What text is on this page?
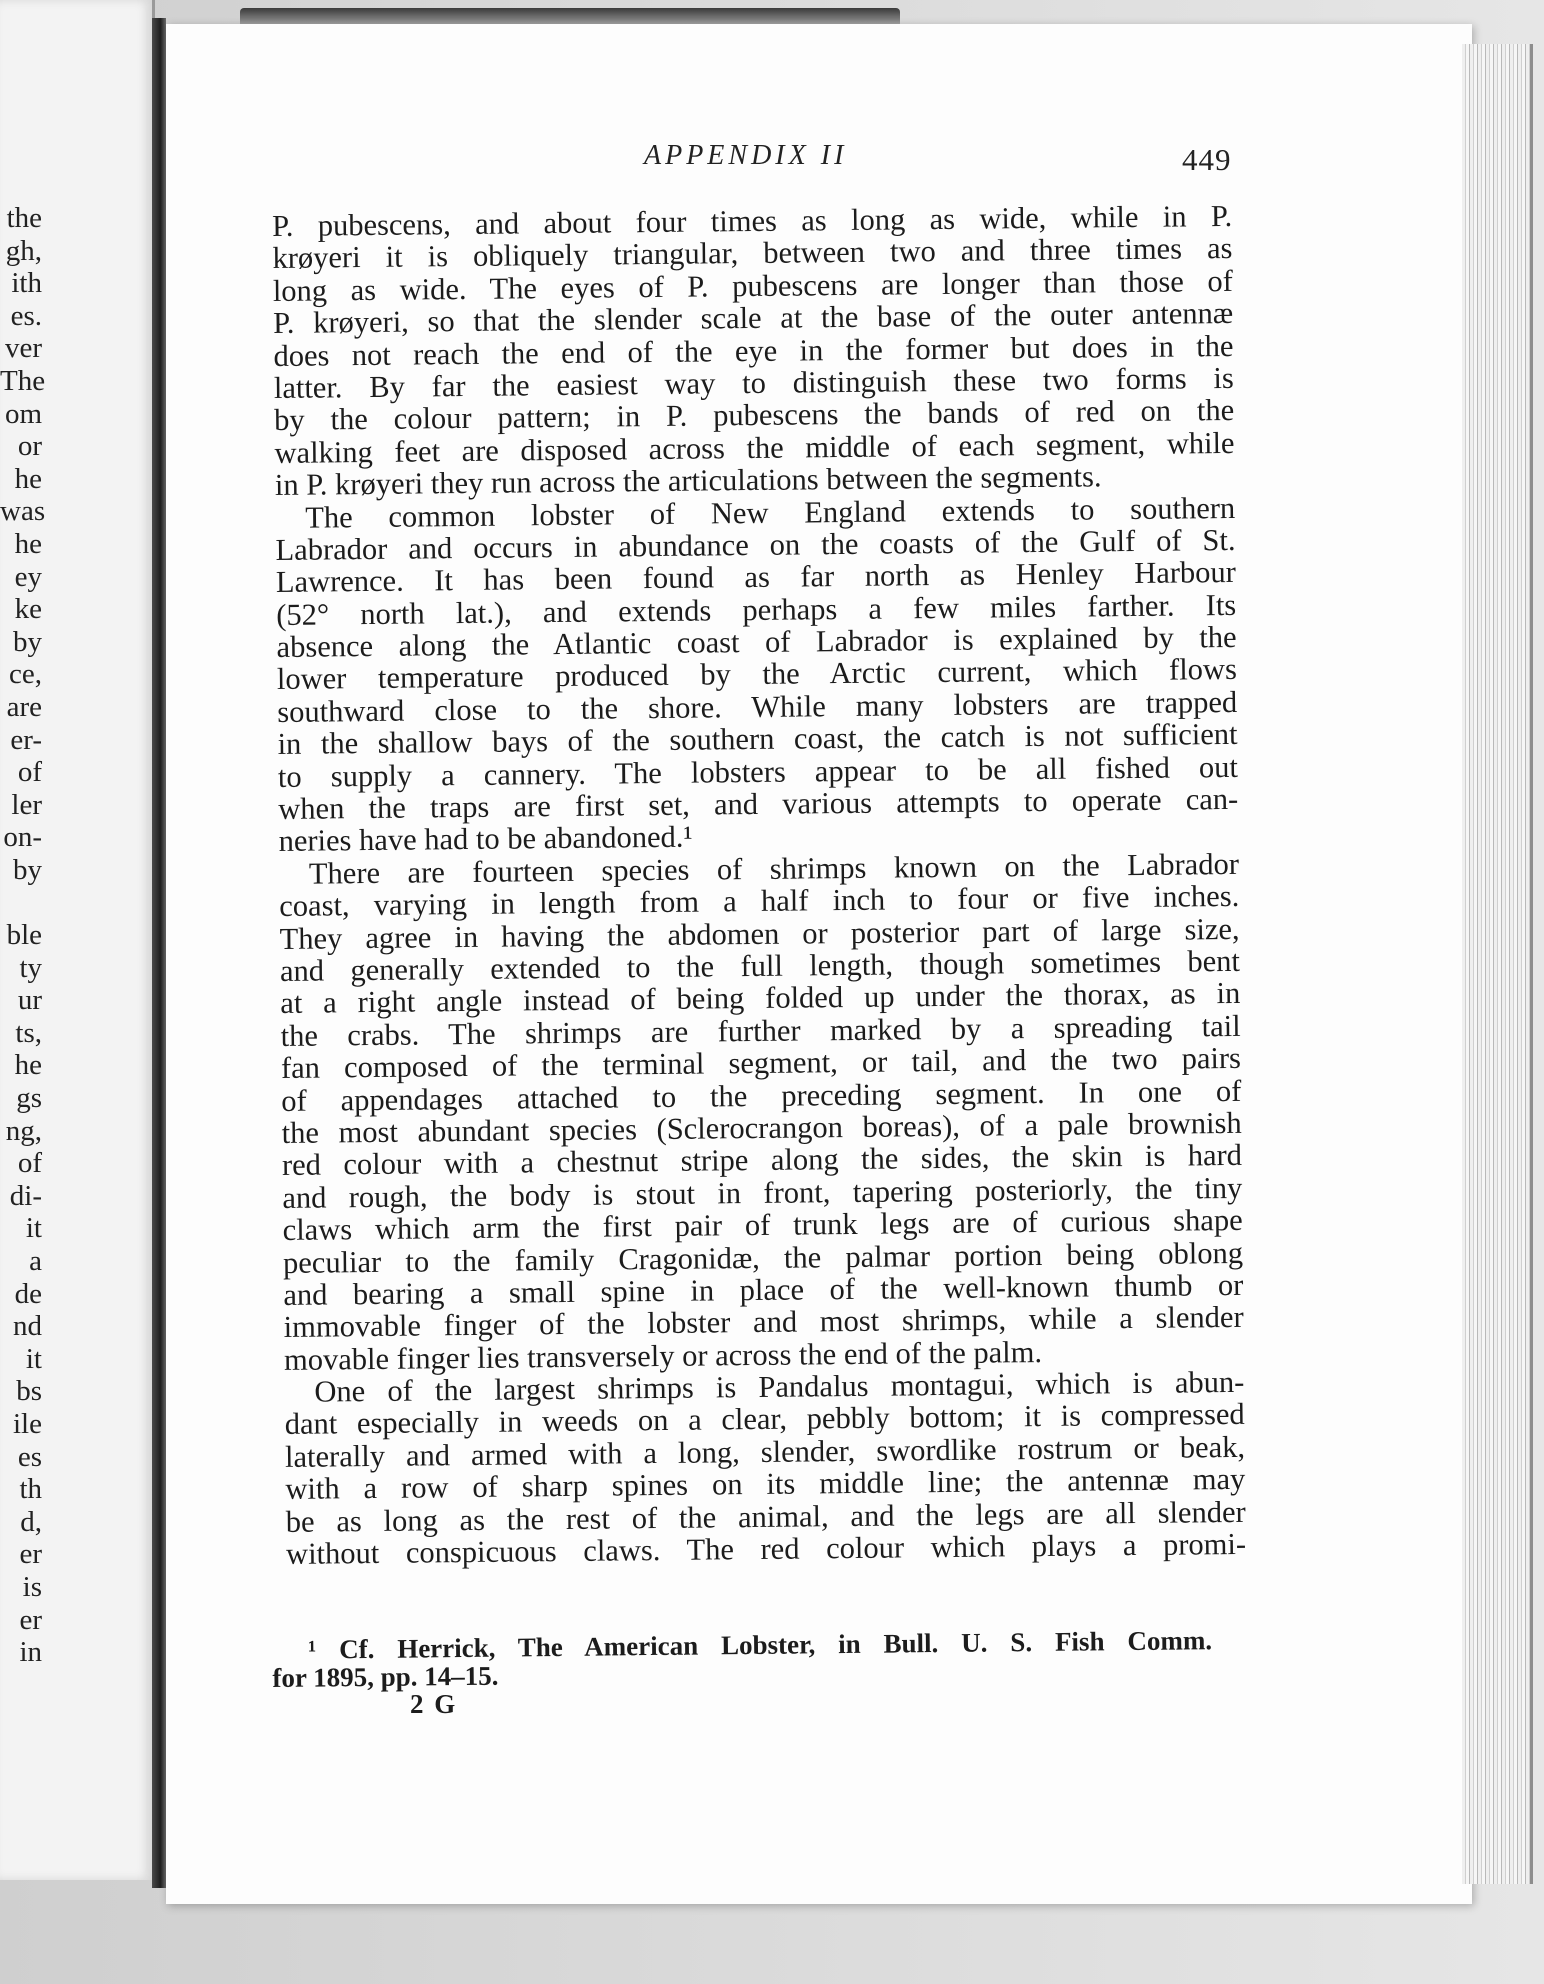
the
gh,
ith
es.
ver
The
om
or
he
was
he
ey
ke
by
ce,
are
er-
of
ler
on-
by
ble
ty
ur
ts,
he
gs
ng,
of
di-
it
a
de
nd
it
bs
ile
es
th
d,
er
is
er
in
APPENDIX II	449
P. pubescens, and about four times as long as wide, while in P.
krøyeri it is obliquely triangular, between two and three times as
long as wide. The eyes of P. pubescens are longer than those of
P. krøyeri, so that the slender scale at the base of the outer antennæ
does not reach the end of the eye in the former but does in the
latter. By far the easiest way to distinguish these two forms is
by the colour pattern; in P. pubescens the bands of red on the
walking feet are disposed across the middle of each segment, while
in P. krøyeri they run across the articulations between the segments.
The common lobster of New England extends to southern
Labrador and occurs in abundance on the coasts of the Gulf of St.
Lawrence. It has been found as far north as Henley Harbour
(52° north lat.), and extends perhaps a few miles farther. Its
absence along the Atlantic coast of Labrador is explained by the
lower temperature produced by the Arctic current, which flows
southward close to the shore. While many lobsters are trapped
in the shallow bays of the southern coast, the catch is not sufficient
to supply a cannery. The lobsters appear to be all fished out
when the traps are first set, and various attempts to operate can-
neries have had to be abandoned.¹
There are fourteen species of shrimps known on the Labrador
coast, varying in length from a half inch to four or five inches.
They agree in having the abdomen or posterior part of large size,
and generally extended to the full length, though sometimes bent
at a right angle instead of being folded up under the thorax, as in
the crabs. The shrimps are further marked by a spreading tail
fan composed of the terminal segment, or tail, and the two pairs
of appendages attached to the preceding segment. In one of
the most abundant species (Sclerocrangon boreas), of a pale brownish
red colour with a chestnut stripe along the sides, the skin is hard
and rough, the body is stout in front, tapering posteriorly, the tiny
claws which arm the first pair of trunk legs are of curious shape
peculiar to the family Cragonidæ, the palmar portion being oblong
and bearing a small spine in place of the well-known thumb or
immovable finger of the lobster and most shrimps, while a slender
movable finger lies transversely or across the end of the palm.
One of the largest shrimps is Pandalus montagui, which is abun-
dant especially in weeds on a clear, pebbly bottom; it is compressed
laterally and armed with a long, slender, swordlike rostrum or beak,
with a row of sharp spines on its middle line; the antennæ may
be as long as the rest of the animal, and the legs are all slender
without conspicuous claws. The red colour which plays a promi-
¹ Cf. Herrick, The American Lobster, in Bull. U. S. Fish Comm.
for 1895, pp. 14–15.
2 G
